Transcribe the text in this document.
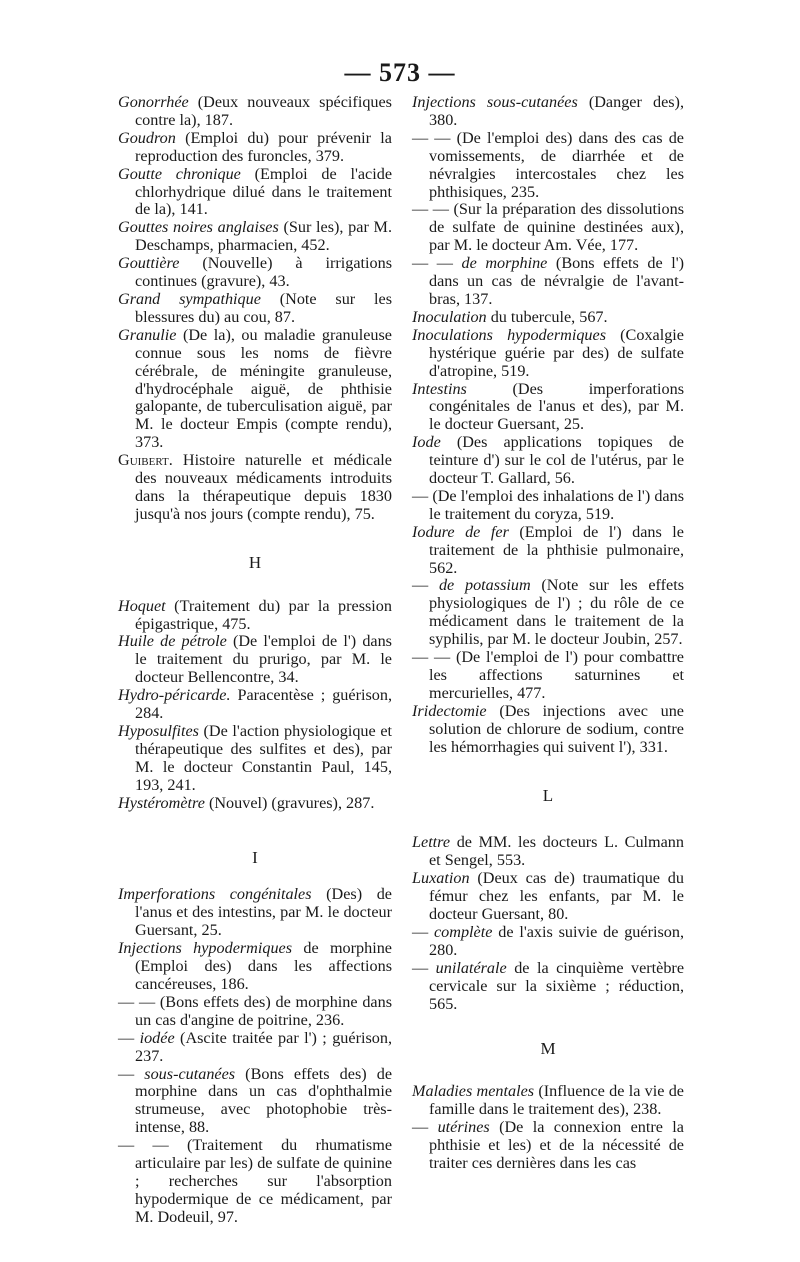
— 573 —

Gonorrhée (Deux nouveaux spécifiques contre la), 187.

Goudron (Emploi du) pour prévenir la reproduction des furoncles, 379.

Goutte chronique (Emploi de l'acide chlorhydrique dilué dans le traitement de la), 141.

Gouttes noires anglaises (Sur les), par M. Deschamps, pharmacien, 452.

Gouttière (Nouvelle) à irrigations continues (gravure), 43.

Grand sympathique (Note sur les blessures du) au cou, 87.

Granulie (De la), ou maladie granuleuse connue sous les noms de fièvre cérébrale, de méningite granuleuse, d'hydrocéphale aiguë, de phthisie galopante, de tuberculisation aiguë, par M. le docteur Empis (compte rendu), 373.

Guibert. Histoire naturelle et médicale des nouveaux médicaments introduits dans la thérapeutique depuis 1830 jusqu'à nos jours (compte rendu), 75.

H

Hoquet (Traitement du) par la pression épigastrique, 475.

Huile de pétrole (De l'emploi de l') dans le traitement du prurigo, par M. le docteur Bellencontre, 34.

Hydro-péricarde. Paracentèse ; guérison, 284.

Hyposulfites (De l'action physiologique et thérapeutique des sulfites et des), par M. le docteur Constantin Paul, 145, 193, 241.

Hystéromètre (Nouvel) (gravures), 287.

I

Imperforations congénitales (Des) de l'anus et des intestins, par M. le docteur Guersant, 25.

Injections hypodermiques de morphine (Emploi des) dans les affections cancéreuses, 186.

— — (Bons effets des) de morphine dans un cas d'angine de poitrine, 236.

— iodée (Ascite traitée par l') ; guérison, 237.

— sous-cutanées (Bons effets des) de morphine dans un cas d'ophthalmie strumeuse, avec photophobie très-intense, 88.

— — (Traitement du rhumatisme articulaire par les) de sulfate de quinine ; recherches sur l'absorption hypodermique de ce médicament, par M. Dodeuil, 97.

Injections sous-cutanées (Danger des), 380.

— — (De l'emploi des) dans des cas de vomissements, de diarrhée et de névralgies intercostales chez les phthisiques, 235.

— — (Sur la préparation des dissolutions de sulfate de quinine destinées aux), par M. le docteur Am. Vée, 177.

— — de morphine (Bons effets de l') dans un cas de névralgie de l'avant-bras, 137.

Inoculation du tubercule, 567.

Inoculations hypodermiques (Coxalgie hystérique guérie par des) de sulfate d'atropine, 519.

Intestins (Des imperforations congénitales de l'anus et des), par M. le docteur Guersant, 25.

Iode (Des applications topiques de teinture d') sur le col de l'utérus, par le docteur T. Gallard, 56.

— (De l'emploi des inhalations de l') dans le traitement du coryza, 519.

Iodure de fer (Emploi de l') dans le traitement de la phthisie pulmonaire, 562.

— de potassium (Note sur les effets physiologiques de l') ; du rôle de ce médicament dans le traitement de la syphilis, par M. le docteur Joubin, 257.

— — (De l'emploi de l') pour combattre les affections saturnines et mercurielles, 477.

Iridectomie (Des injections avec une solution de chlorure de sodium, contre les hémorrhagies qui suivent l'), 331.

L

Lettre de MM. les docteurs L. Culmann et Sengel, 553.

Luxation (Deux cas de) traumatique du fémur chez les enfants, par M. le docteur Guersant, 80.

— complète de l'axis suivie de guérison, 280.

— unilatérale de la cinquième vertèbre cervicale sur la sixième ; réduction, 565.

M

Maladies mentales (Influence de la vie de famille dans le traitement des), 238.

— utérines (De la connexion entre la phthisie et les) et de la nécessité de traiter ces dernières dans les cas
